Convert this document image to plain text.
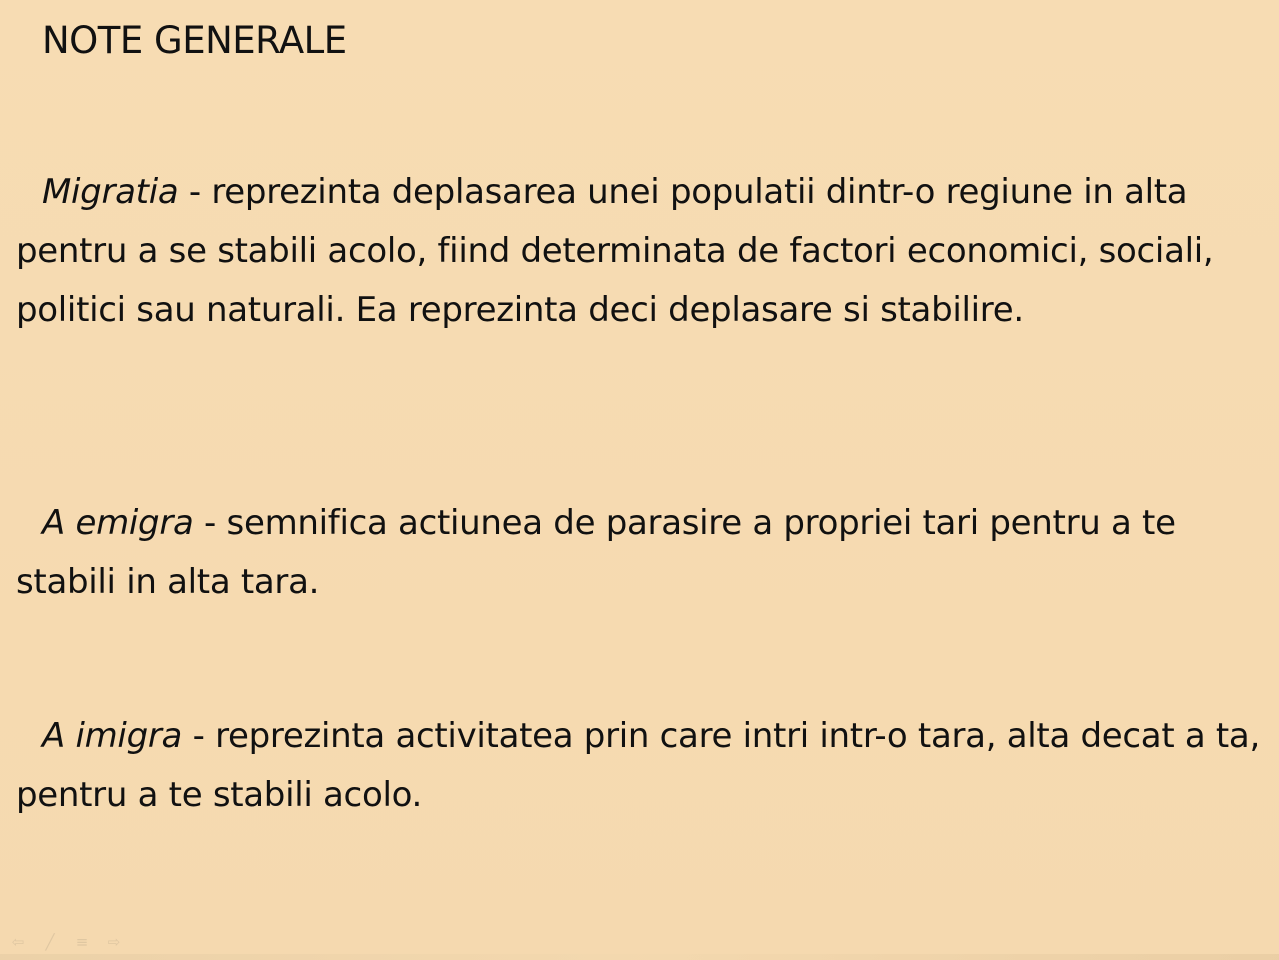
NOTE GENERALE

Migratia - reprezinta deplasarea unei populatii dintr-o regiune in alta pentru a se stabili acolo, fiind determinata de factori economici, sociali, politici sau naturali. Ea reprezinta deci deplasare si stabilire.

A emigra - semnifica actiunea de parasire a propriei tari pentru a te stabili in alta tara.

A imigra - reprezinta activitatea prin care intri intr-o tara, alta decat a ta, pentru a te stabili acolo.

⇦	╱	≡ ⇨
